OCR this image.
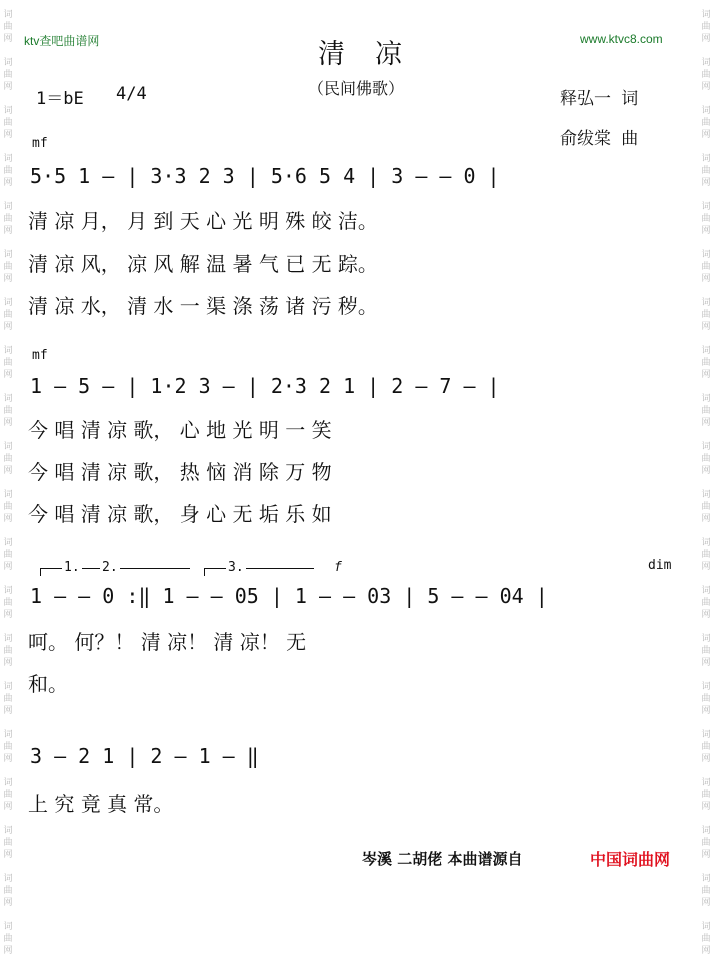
词
曲
网

词
曲
网

词
曲
网

词
曲
网

词
曲
网

词
曲
网

词
曲
网

词
曲
网

词
曲
网

词
曲
网

词
曲
网

词
曲
网

词
曲
网

词
曲
网

词
曲
网

词
曲
网

词
曲
网

词
曲
网

词
曲
网

词
曲
网

词
曲
网

词
曲
网

词
曲
网

词
曲
网

词
曲
网

词
曲
网

词
曲
网

词
曲
网

词
曲
网

词
曲
网

词
曲
网

词
曲
网

词
曲
网

词
曲
网

词
曲
网

词
曲
网

词
曲
网

词
曲
网

词
曲
网

词
曲
网

ktv查吧曲谱网	www.ktvc8.com
清凉
（民间佛歌）
1＝bE 4/4	释弘一 词
俞绂棠 曲
mf
5·5 1 — | 3·3 2 3 | 5·6 5 4 | 3 — — 0 |
清 凉 月， 月 到 天 心 光 明 殊 皎 洁。
清 凉 风， 凉 风 解 温 暑 气 已 无 踪。
清 凉 水， 清 水 一 渠 涤 荡 诸 污 秽。
mf
1 — 5 — | 1·2 3 — | 2·3 2 1 | 2 — 7 — |
今 唱 清 凉 歌， 心 地 光 明 一 笑
今 唱 清 凉 歌， 热 恼 消 除 万 物
今 唱 清 凉 歌， 身 心 无 垢 乐 如
1. 2.	3.	f	dim
1 — — 0 :‖ 1 — — 05 | 1 — — 03 | 5 — — 04 |
呵。 何？！ 清 凉！ 清 凉！ 无
和。
3 — 2 1 | 2 — 1 — ‖
上 究 竟 真 常。
岑溪 二胡佬 本曲谱源自	中国词曲网
